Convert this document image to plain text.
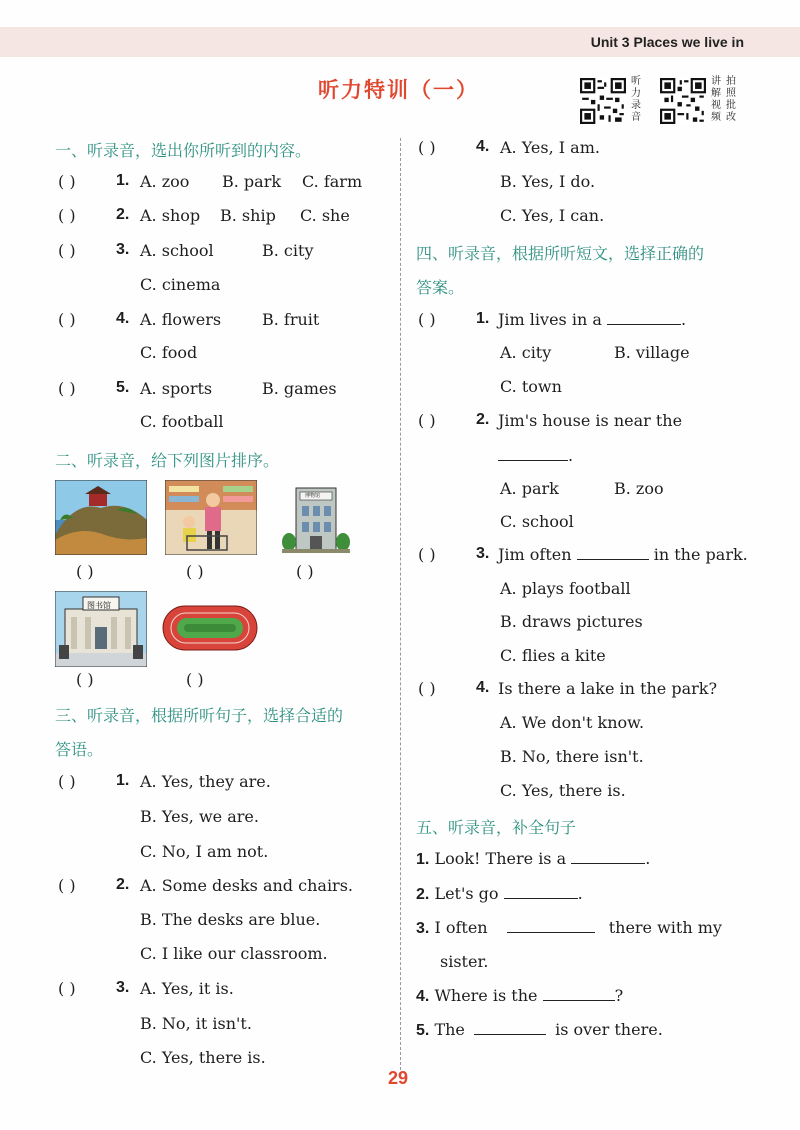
Unit 3 Places we live in
听力特训（一）	听
力
录
音
讲
解
视
频
拍
照
批
改
一、听录音，选出你所听到的内容。
( )	1. A. zoo B. park C. farm
( )	2. A. shop B. ship C. she
( )	3. A. school	B. city
C. cinema
( )	4. A. flowers	B. fruit
C. food
( )	5. A. sports	B. games
C. football
二、听录音，给下列图片排序。
博物馆
( )	( )	( )
图书馆
( )	( )
三、听录音，根据所听句子，选择合适的
答语。
( )	1. A. Yes, they are.
B. Yes, we are.
C. No, I am not.
( )	2. A. Some desks and chairs.
B. The desks are blue.
C. I like our classroom.
( )	3. A. Yes, it is.
B. No, it isn't.
C. Yes, there is.
( )	4. A. Yes, I am.
B. Yes, I do.
C. Yes, I can.
四、听录音，根据所听短文，选择正确的
答案。
( )	1. Jim lives in a	.
A. city	B. village
C. town
( )	2. Jim's house is near the
.
A. park	B. zoo
C. school
( )	3. Jim often	in the park.
A. plays football
B. draws pictures
C. flies a kite
( )	4. Is there a lake in the park?
A. We don't know.
B. No, there isn't.
C. Yes, there is.
五、听录音，补全句子
1. Look! There is a	.
2. Let's go	.
3. I often	there with my
sister.
4. Where is the	?
5. The	is over there.
29
